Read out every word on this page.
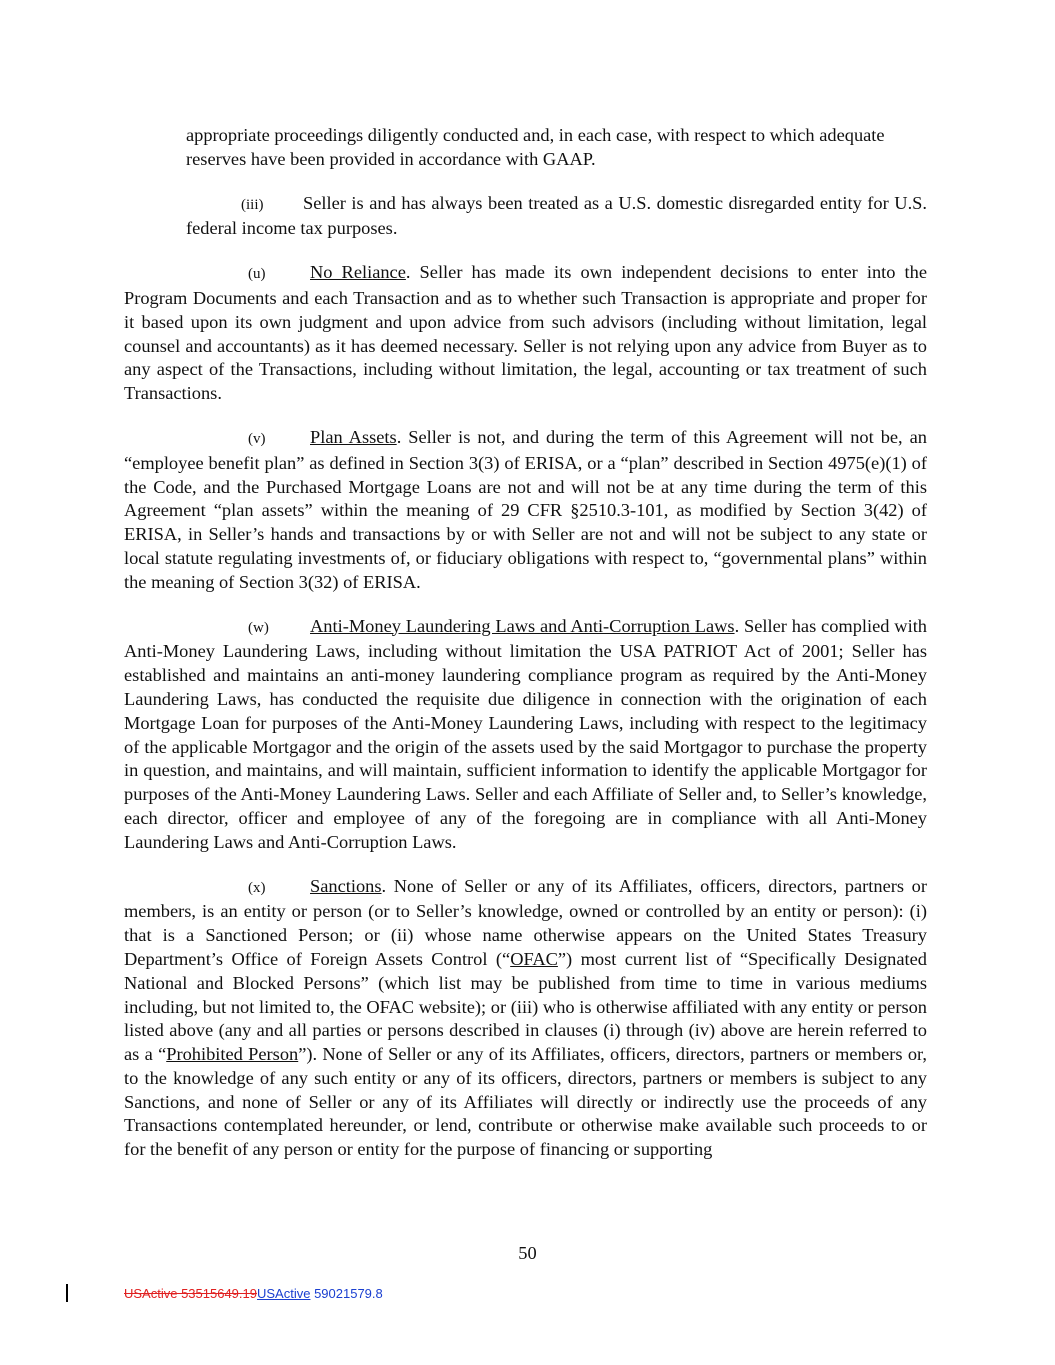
appropriate proceedings diligently conducted and, in each case, with respect to which adequate reserves have been provided in accordance with GAAP.

(iii) Seller is and has always been treated as a U.S. domestic disregarded entity for U.S. federal income tax purposes.

(u) No Reliance. Seller has made its own independent decisions to enter into the Program Documents and each Transaction and as to whether such Transaction is appropriate and proper for it based upon its own judgment and upon advice from such advisors (including without limitation, legal counsel and accountants) as it has deemed necessary. Seller is not relying upon any advice from Buyer as to any aspect of the Transactions, including without limitation, the legal, accounting or tax treatment of such Transactions.

(v) Plan Assets. Seller is not, and during the term of this Agreement will not be, an “employee benefit plan” as defined in Section 3(3) of ERISA, or a “plan” described in Section 4975(e)(1) of the Code, and the Purchased Mortgage Loans are not and will not be at any time during the term of this Agreement “plan assets” within the meaning of 29 CFR §2510.3-101, as modified by Section 3(42) of ERISA, in Seller’s hands and transactions by or with Seller are not and will not be subject to any state or local statute regulating investments of, or fiduciary obligations with respect to, “governmental plans” within the meaning of Section 3(32) of ERISA.

(w) Anti-Money Laundering Laws and Anti-Corruption Laws. Seller has complied with Anti-Money Laundering Laws, including without limitation the USA PATRIOT Act of 2001; Seller has established and maintains an anti-money laundering compliance program as required by the Anti-Money Laundering Laws, has conducted the requisite due diligence in connection with the origination of each Mortgage Loan for purposes of the Anti-Money Laundering Laws, including with respect to the legitimacy of the applicable Mortgagor and the origin of the assets used by the said Mortgagor to purchase the property in question, and maintains, and will maintain, sufficient information to identify the applicable Mortgagor for purposes of the Anti-Money Laundering Laws. Seller and each Affiliate of Seller and, to Seller’s knowledge, each director, officer and employee of any of the foregoing are in compliance with all Anti-Money Laundering Laws and Anti-Corruption Laws.

(x) Sanctions. None of Seller or any of its Affiliates, officers, directors, partners or members, is an entity or person (or to Seller’s knowledge, owned or controlled by an entity or person): (i) that is a Sanctioned Person; or (ii) whose name otherwise appears on the United States Treasury Department’s Office of Foreign Assets Control (“OFAC”) most current list of “Specifically Designated National and Blocked Persons” (which list may be published from time to time in various mediums including, but not limited to, the OFAC website); or (iii) who is otherwise affiliated with any entity or person listed above (any and all parties or persons described in clauses (i) through (iv) above are herein referred to as a “Prohibited Person”). None of Seller or any of its Affiliates, officers, directors, partners or members or, to the knowledge of any such entity or any of its officers, directors, partners or members is subject to any Sanctions, and none of Seller or any of its Affiliates will directly or indirectly use the proceeds of any Transactions contemplated hereunder, or lend, contribute or otherwise make available such proceeds to or for the benefit of any person or entity for the purpose of financing or supporting

50
USActive 53515649.19USActive 59021579.8
